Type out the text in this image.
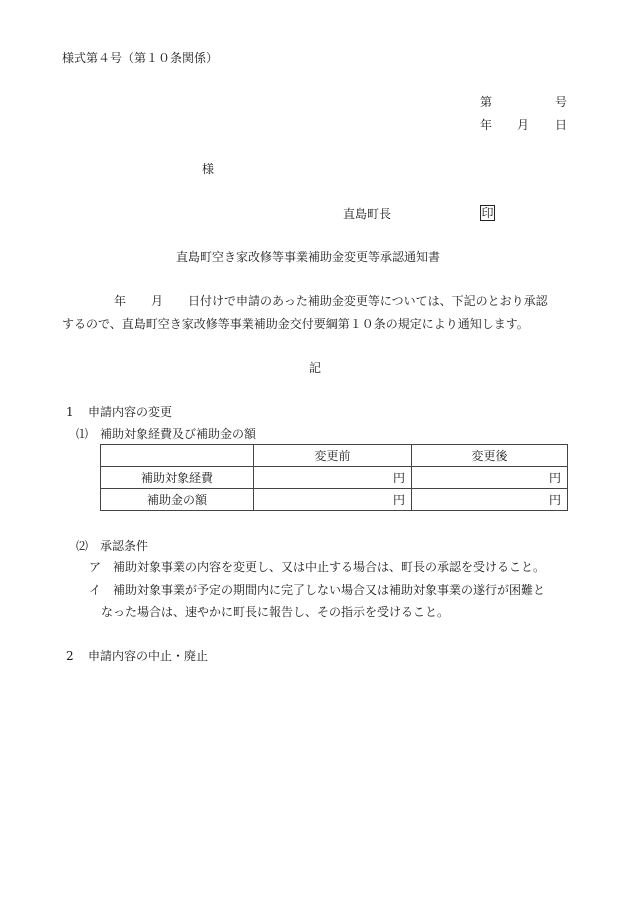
様式第４号（第１０条関係）
第	号
年 月 日
様
直島町長	印
直島町空き家改修等事業補助金変更等承認通知書
年 月 日付けで申請のあった補助金変更等については、下記のとおり承認
するので、直島町空き家改修等事業補助金交付要綱第１０条の規定により通知します。
記
1 申請内容の変更
⑴ 補助対象経費及び補助金の額
	変更前	変更後
補助対象経費	円	円
補助金の額	円	円
⑵ 承認条件
ア 補助対象事業の内容を変更し、又は中止する場合は、町長の承認を受けること。
イ 補助対象事業が予定の期間内に完了しない場合又は補助対象事業の遂行が困難と
なった場合は、速やかに町長に報告し、その指示を受けること。
2 申請内容の中止・廃止
